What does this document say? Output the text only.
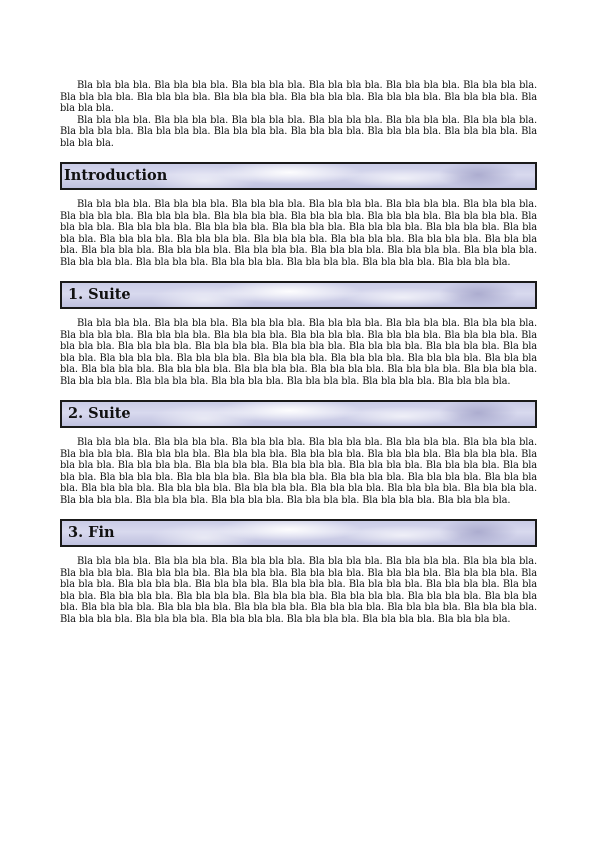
Bla bla bla bla. Bla bla bla bla. Bla bla bla bla. Bla bla bla bla. Bla bla bla bla. Bla bla bla bla. Bla bla bla bla. Bla bla bla bla. Bla bla bla bla. Bla bla bla bla. Bla bla bla bla. Bla bla bla bla. Bla bla bla bla.

Bla bla bla bla. Bla bla bla bla. Bla bla bla bla. Bla bla bla bla. Bla bla bla bla. Bla bla bla bla. Bla bla bla bla. Bla bla bla bla. Bla bla bla bla. Bla bla bla bla. Bla bla bla bla. Bla bla bla bla. Bla bla bla bla.

Introduction

Bla bla bla bla. Bla bla bla bla. Bla bla bla bla. Bla bla bla bla. Bla bla bla bla. Bla bla bla bla. Bla bla bla bla. Bla bla bla bla. Bla bla bla bla. Bla bla bla bla. Bla bla bla bla. Bla bla bla bla. Bla bla bla bla. Bla bla bla bla. Bla bla bla bla. Bla bla bla bla. Bla bla bla bla. Bla bla bla bla. Bla bla bla bla. Bla bla bla bla. Bla bla bla bla. Bla bla bla bla. Bla bla bla bla. Bla bla bla bla. Bla bla bla bla. Bla bla bla bla. Bla bla bla bla. Bla bla bla bla. Bla bla bla bla. Bla bla bla bla. Bla bla bla bla. Bla bla bla bla. Bla bla bla bla. Bla bla bla bla. Bla bla bla bla. Bla bla bla bla. Bla bla bla bla.

1. Suite

Bla bla bla bla. Bla bla bla bla. Bla bla bla bla. Bla bla bla bla. Bla bla bla bla. Bla bla bla bla. Bla bla bla bla. Bla bla bla bla. Bla bla bla bla. Bla bla bla bla. Bla bla bla bla. Bla bla bla bla. Bla bla bla bla. Bla bla bla bla. Bla bla bla bla. Bla bla bla bla. Bla bla bla bla. Bla bla bla bla. Bla bla bla bla. Bla bla bla bla. Bla bla bla bla. Bla bla bla bla. Bla bla bla bla. Bla bla bla bla. Bla bla bla bla. Bla bla bla bla. Bla bla bla bla. Bla bla bla bla. Bla bla bla bla. Bla bla bla bla. Bla bla bla bla. Bla bla bla bla. Bla bla bla bla. Bla bla bla bla. Bla bla bla bla. Bla bla bla bla. Bla bla bla bla.

2. Suite

Bla bla bla bla. Bla bla bla bla. Bla bla bla bla. Bla bla bla bla. Bla bla bla bla. Bla bla bla bla. Bla bla bla bla. Bla bla bla bla. Bla bla bla bla. Bla bla bla bla. Bla bla bla bla. Bla bla bla bla. Bla bla bla bla. Bla bla bla bla. Bla bla bla bla. Bla bla bla bla. Bla bla bla bla. Bla bla bla bla. Bla bla bla bla. Bla bla bla bla. Bla bla bla bla. Bla bla bla bla. Bla bla bla bla. Bla bla bla bla. Bla bla bla bla. Bla bla bla bla. Bla bla bla bla. Bla bla bla bla. Bla bla bla bla. Bla bla bla bla. Bla bla bla bla. Bla bla bla bla. Bla bla bla bla. Bla bla bla bla. Bla bla bla bla. Bla bla bla bla. Bla bla bla bla.

3. Fin

Bla bla bla bla. Bla bla bla bla. Bla bla bla bla. Bla bla bla bla. Bla bla bla bla. Bla bla bla bla. Bla bla bla bla. Bla bla bla bla. Bla bla bla bla. Bla bla bla bla. Bla bla bla bla. Bla bla bla bla. Bla bla bla bla. Bla bla bla bla. Bla bla bla bla. Bla bla bla bla. Bla bla bla bla. Bla bla bla bla. Bla bla bla bla. Bla bla bla bla. Bla bla bla bla. Bla bla bla bla. Bla bla bla bla. Bla bla bla bla. Bla bla bla bla. Bla bla bla bla. Bla bla bla bla. Bla bla bla bla. Bla bla bla bla. Bla bla bla bla. Bla bla bla bla. Bla bla bla bla. Bla bla bla bla. Bla bla bla bla. Bla bla bla bla. Bla bla bla bla. Bla bla bla bla.
